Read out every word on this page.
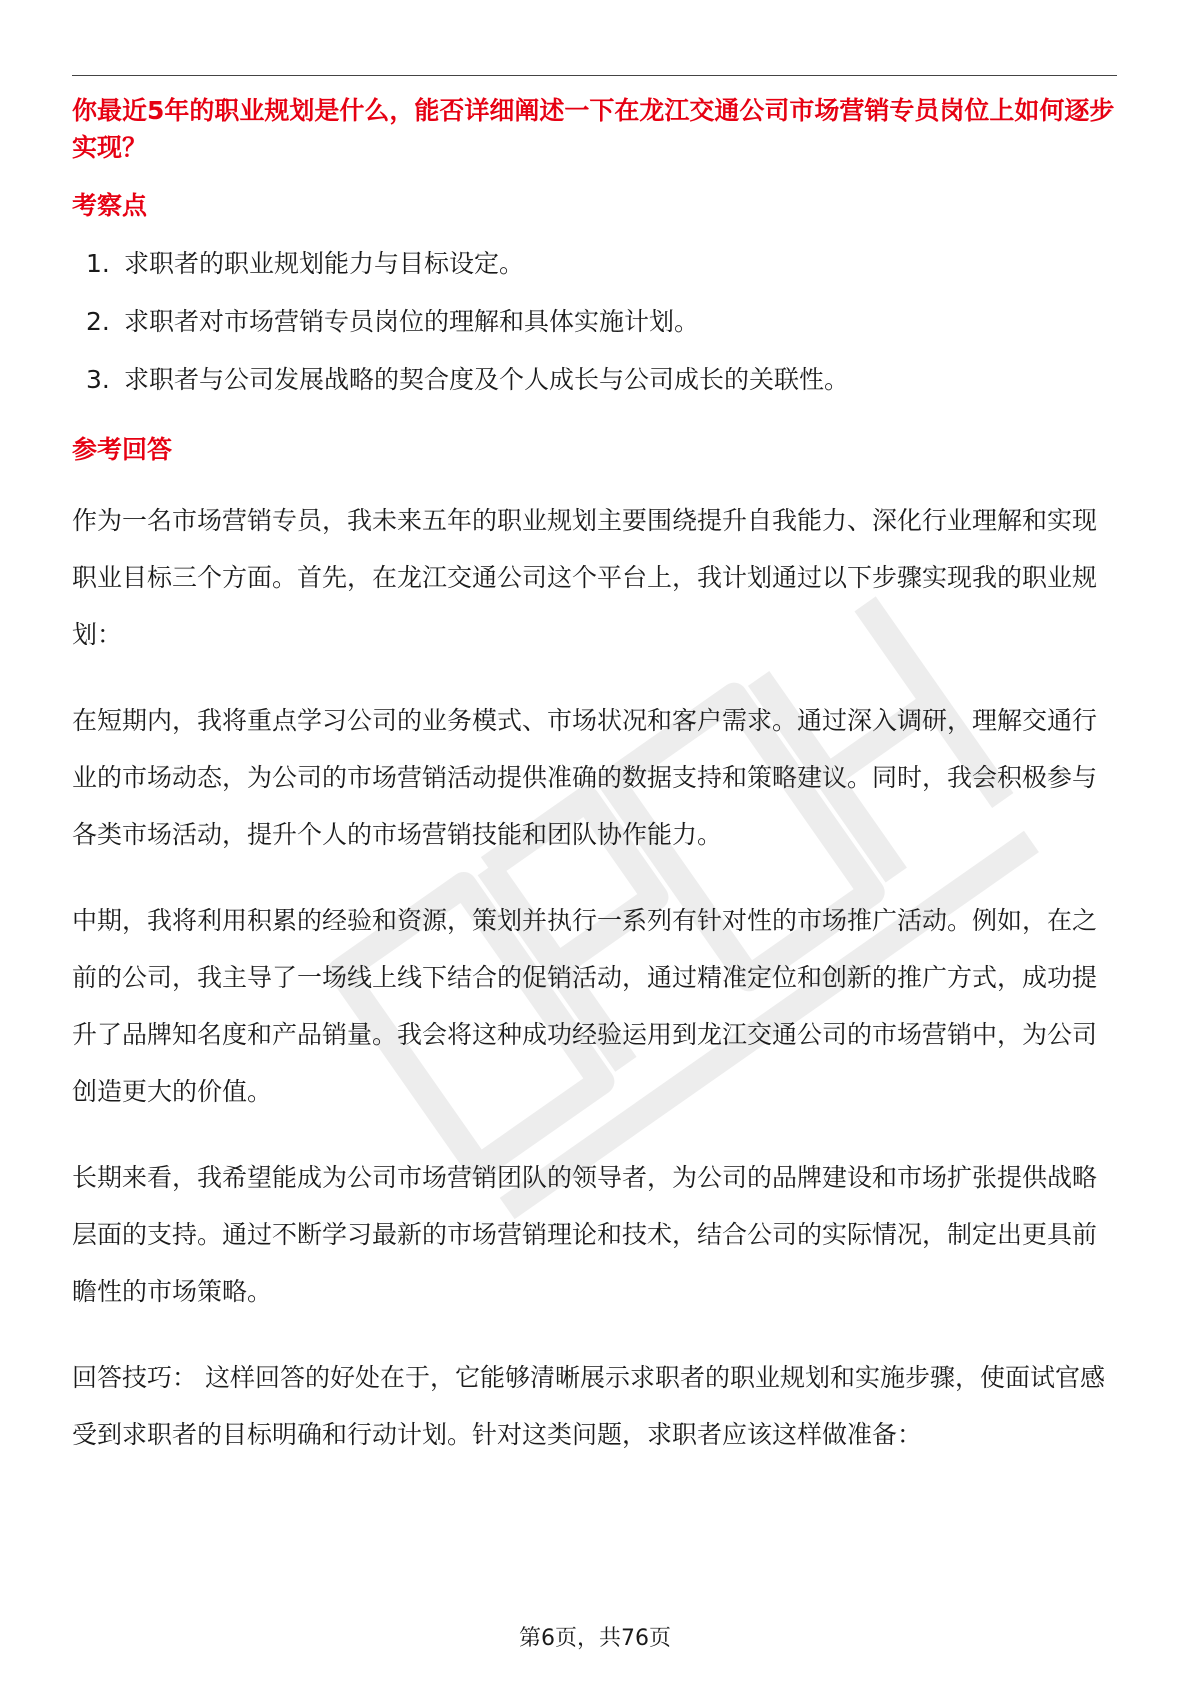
你最近5年的职业规划是什么，能否详细阐述一下在龙江交通公司市场营销专员岗位上如何逐步实现？

考察点
1. 求职者的职业规划能力与目标设定。
2. 求职者对市场营销专员岗位的理解和具体实施计划。
3. 求职者与公司发展战略的契合度及个人成长与公司成长的关联性。
参考回答

作为一名市场营销专员，我未来五年的职业规划主要围绕提升自我能力、深化行业理解和实现职业目标三个方面。首先，在龙江交通公司这个平台上，我计划通过以下步骤实现我的职业规划：

在短期内，我将重点学习公司的业务模式、市场状况和客户需求。通过深入调研，理解交通行业的市场动态，为公司的市场营销活动提供准确的数据支持和策略建议。同时，我会积极参与各类市场活动，提升个人的市场营销技能和团队协作能力。

中期，我将利用积累的经验和资源，策划并执行一系列有针对性的市场推广活动。例如，在之前的公司，我主导了一场线上线下结合的促销活动，通过精准定位和创新的推广方式，成功提升了品牌知名度和产品销量。我会将这种成功经验运用到龙江交通公司的市场营销中，为公司创造更大的价值。

长期来看，我希望能成为公司市场营销团队的领导者，为公司的品牌建设和市场扩张提供战略层面的支持。通过不断学习最新的市场营销理论和技术，结合公司的实际情况，制定出更具前瞻性的市场策略。

回答技巧： 这样回答的好处在于，它能够清晰展示求职者的职业规划和实施步骤，使面试官感受到求职者的目标明确和行动计划。针对这类问题，求职者应该这样做准备：

第6页，共76页
